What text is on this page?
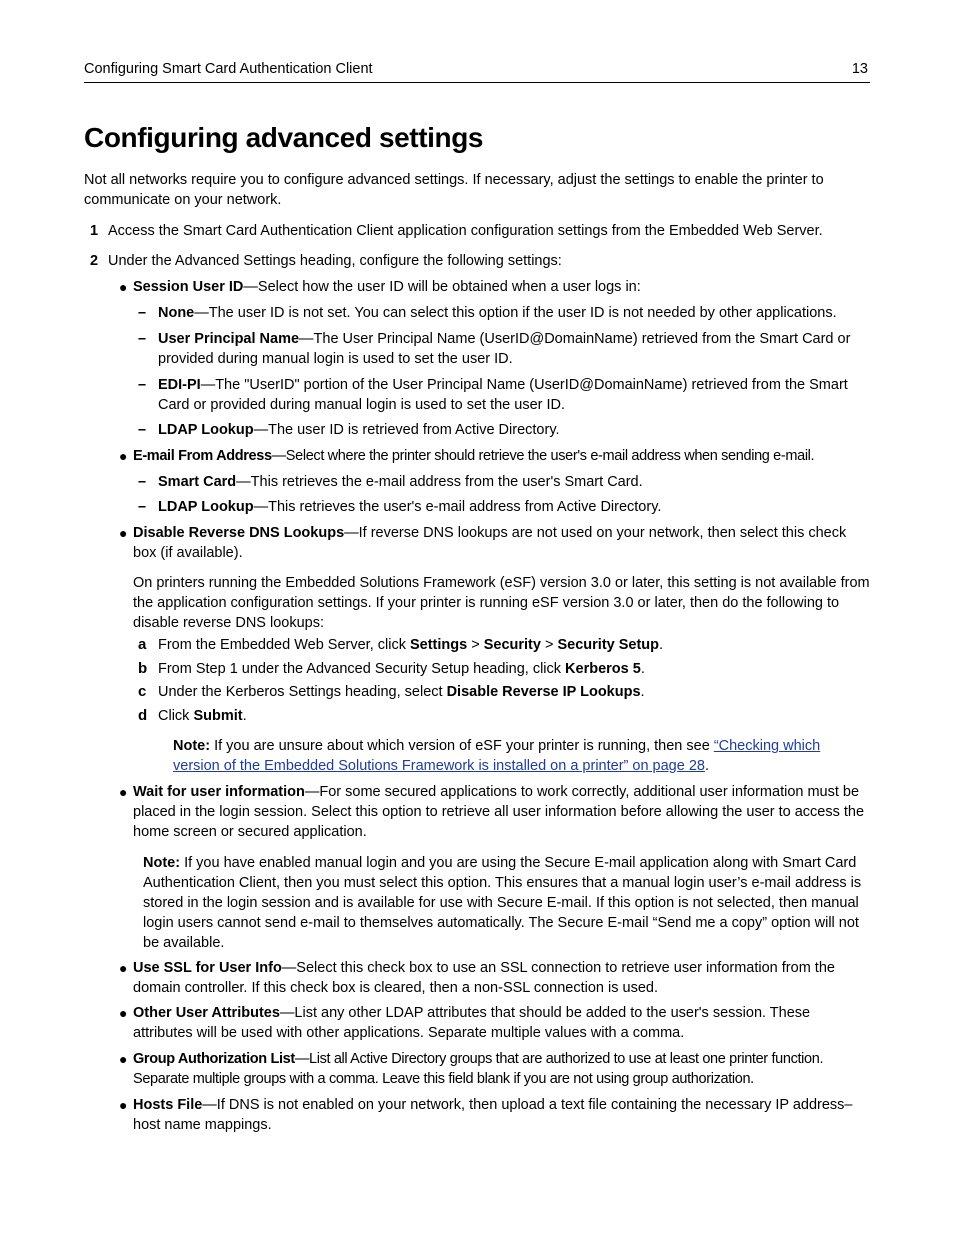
Configuring Smart Card Authentication Client	13
Configuring advanced settings

Not all networks require you to configure advanced settings. If necessary, adjust the settings to enable the printer to communicate on your network.

1 Access the Smart Card Authentication Client application configuration settings from the Embedded Web Server.

2 Under the Advanced Settings heading, configure the following settings:

● Session User ID—Select how the user ID will be obtained when a user logs in:

– None—The user ID is not set. You can select this option if the user ID is not needed by other applications.

– User Principal Name—The User Principal Name (UserID@DomainName) retrieved from the Smart Card or provided during manual login is used to set the user ID.

– EDI-PI—The "UserID" portion of the User Principal Name (UserID@DomainName) retrieved from the Smart Card or provided during manual login is used to set the user ID.

– LDAP Lookup—The user ID is retrieved from Active Directory.

● E-mail From Address—Select where the printer should retrieve the user's e-mail address when sending e-mail.

– Smart Card—This retrieves the e-mail address from the user's Smart Card.

– LDAP Lookup—This retrieves the user's e-mail address from Active Directory.

● Disable Reverse DNS Lookups—If reverse DNS lookups are not used on your network, then select this check box (if available).

On printers running the Embedded Solutions Framework (eSF) version 3.0 or later, this setting is not available from the application configuration settings. If your printer is running eSF version 3.0 or later, then do the following to disable reverse DNS lookups:

a From the Embedded Web Server, click Settings > Security > Security Setup.

b From Step 1 under the Advanced Security Setup heading, click Kerberos 5.

c Under the Kerberos Settings heading, select Disable Reverse IP Lookups.

d Click Submit.

Note: If you are unsure about which version of eSF your printer is running, then see “Checking which version of the Embedded Solutions Framework is installed on a printer” on page 28.

● Wait for user information—For some secured applications to work correctly, additional user information must be placed in the login session. Select this option to retrieve all user information before allowing the user to access the home screen or secured application.

Note: If you have enabled manual login and you are using the Secure E-mail application along with Smart Card Authentication Client, then you must select this option. This ensures that a manual login user’s e-mail address is stored in the login session and is available for use with Secure E-mail. If this option is not selected, then manual login users cannot send e-mail to themselves automatically. The Secure E-mail “Send me a copy” option will not be available.

● Use SSL for User Info—Select this check box to use an SSL connection to retrieve user information from the domain controller. If this check box is cleared, then a non-SSL connection is used.

● Other User Attributes—List any other LDAP attributes that should be added to the user's session. These attributes will be used with other applications. Separate multiple values with a comma.

● Group Authorization List—List all Active Directory groups that are authorized to use at least one printer function. Separate multiple groups with a comma. Leave this field blank if you are not using group authorization.

● Hosts File—If DNS is not enabled on your network, then upload a text file containing the necessary IP address–host name mappings.
